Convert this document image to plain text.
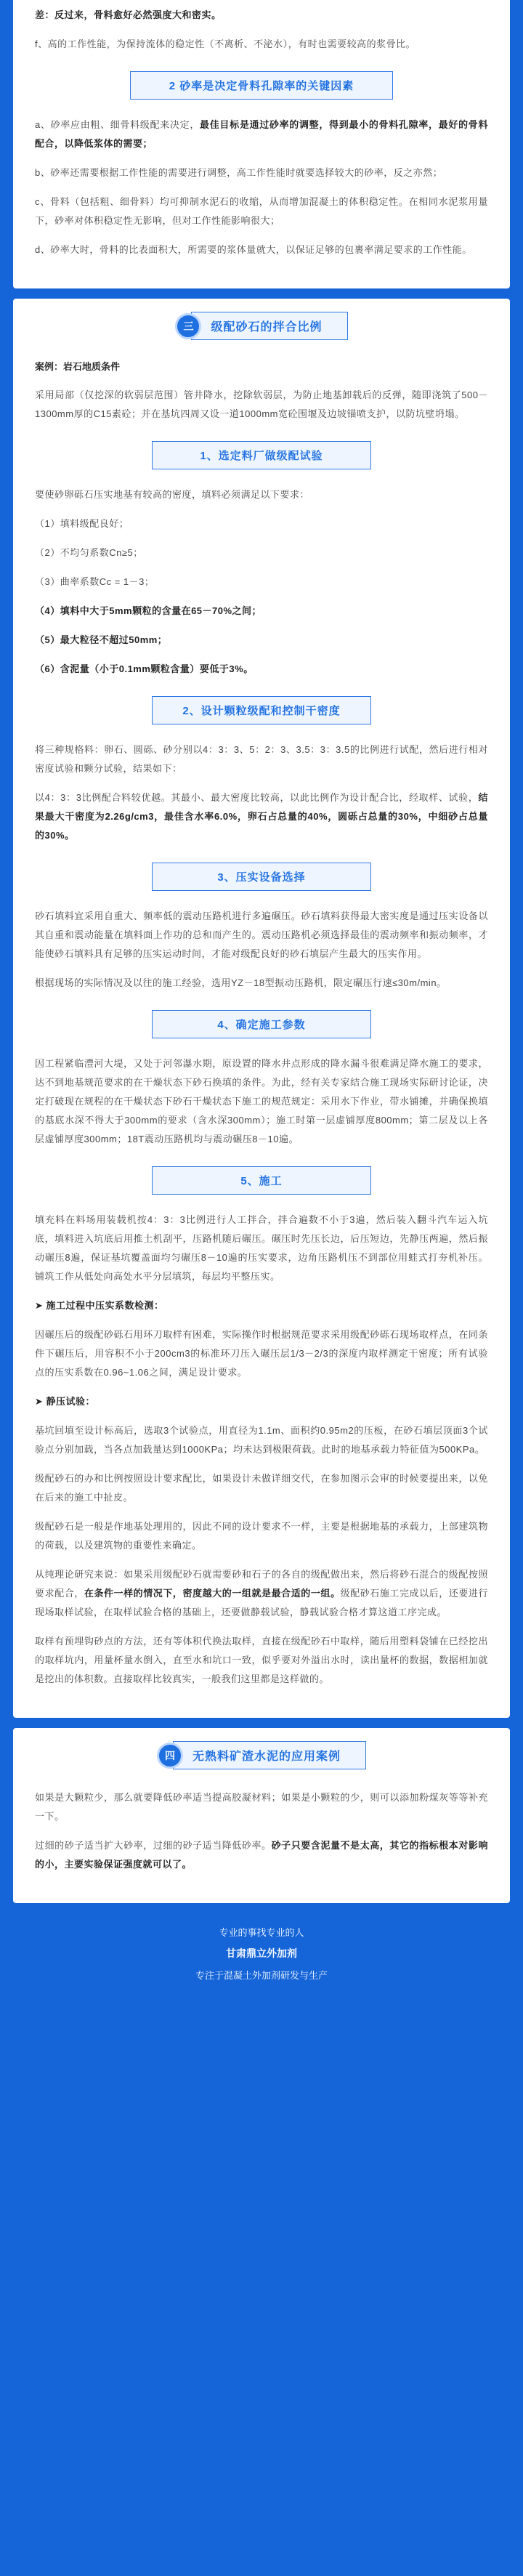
差：反过来，骨料愈好必然强度大和密实。

f、高的工作性能，为保持流体的稳定性（不离析、不泌水），有时也需要较高的浆骨比。

2 砂率是决定骨料孔隙率的关键因素

a、砂率应由粗、细骨料级配来决定，最佳目标是通过砂率的调整，得到最小的骨料孔隙率，最好的骨料配合，以降低浆体的需要；

b、砂率还需要根据工作性能的需要进行调整，高工作性能时就要选择较大的砂率，反之亦然；

c、骨料（包括粗、细骨料）均可抑制水泥石的收缩，从而增加混凝土的体积稳定性。在相同水泥浆用量下，砂率对体积稳定性无影响，但对工作性能影响很大；

d、砂率大时，骨料的比表面积大，所需要的浆体量就大，以保证足够的包裹率满足要求的工作性能。

三	级配砂石的拌合比例
案例：岩石地质条件

采用局部（仅挖深的软弱层范围）管井降水，挖除软弱层，为防止地基卸载后的反弹，随即浇筑了500－1300mm厚的C15素砼；并在基坑四周又设一道1000mm宽砼围堰及边坡锚喷支护，以防坑壁坍塌。

1、选定料厂做级配试验

要使砂卵砾石压实地基有较高的密度，填料必须满足以下要求：

（1）填料级配良好；

（2）不均匀系数Cn≥5；

（3）曲率系数Cc = 1－3；

（4）填料中大于5mm颗粒的含量在65－70%之间；

（5）最大粒径不超过50mm；

（6）含泥量（小于0.1mm颗粒含量）要低于3%。

2、设计颗粒级配和控制干密度

将三种规格料：卵石、圆砾、砂分别以4：3：3、5：2：3、3.5：3：3.5的比例进行试配，然后进行相对密度试验和颗分试验，结果如下：

以4：3：3比例配合料较优越。其最小、最大密度比较高，以此比例作为设计配合比，经取样、试验，结果最大干密度为2.26g/cm3，最佳含水率6.0%，卵石占总量的40%，圆砾占总量的30%，中细砂占总量的30%。

3、压实设备选择

砂石填料宜采用自重大、频率低的震动压路机进行多遍碾压。砂石填料获得最大密实度是通过压实设备以其自重和震动能量在填料面上作功的总和而产生的。震动压路机必须选择最佳的震动频率和振动频率，才能使砂石填料具有足够的压实运动时间，才能对级配良好的砂石填层产生最大的压实作用。

根据现场的实际情况及以往的施工经验，选用YZ－18型振动压路机，限定碾压行速≤30m/min。

4、确定施工参数

因工程紧临澧河大堤，又处于河邻瀑水期，原设置的降水井点形成的降水漏斗很难满足降水施工的要求，达不到地基规范要求的在干燥状态下砂石换填的条件。为此，经有关专家结合施工现场实际研讨论证，决定打破现在规程的在干燥状态下砂石干燥状态下施工的规范规定：采用水下作业，带水铺摊，并确保换填的基底水深不得大于300mm的要求（含水深300mm）；施工时第一层虚铺厚度800mm；第二层及以上各层虚铺厚度300mm；18T震动压路机均与震动碾压8－10遍。

5、施工

填充料在料场用装载机按4：3：3比例进行人工拌合，拌合遍数不小于3遍，然后装入翻斗汽车运入坑底，填料进入坑底后用推土机刮平，压路机随后碾压。碾压时先压长边，后压短边，先静压两遍，然后振动碾压8遍，保证基坑覆盖面均匀碾压8－10遍的压实要求，边角压路机压不到部位用蛙式打夯机补压。铺筑工作从低处向高处水平分层填筑，每层均平整压实。

➤ 施工过程中压实系数检测：

因碾压后的级配砂砾石用环刀取样有困难，实际操作时根据规范要求采用级配砂砾石现场取样点，在同条件下碾压后，用容积不小于200cm3的标准环刀压入碾压层1/3－2/3的深度内取样测定干密度；所有试验点的压实系数在0.96~1.06之间，满足设计要求。

➤ 静压试验：

基坑回填至设计标高后，选取3个试验点，用直径为1.1m、面积约0.95m2的压板，在砂石填层顶面3个试验点分别加载，当各点加载量达到1000KPa；均未达到极限荷载。此时的地基承载力特征值为500KPa。

级配砂石的办和比例按照设计要求配比，如果设计未做详细交代，在参加图示会审的时候要提出来，以免在后来的施工中扯皮。

级配砂石是一般是作地基处理用的，因此不同的设计要求不一样，主要是根据地基的承载力，上部建筑物的荷载，以及建筑物的重要性来确定。

从纯理论研究来说：如果采用级配砂石就需要砂和石子的各自的级配做出来，然后将砂石混合的级配按照要求配合，在条件一样的情况下，密度越大的一组就是最合适的一组。级配砂石施工完成以后，还要进行现场取样试验，在取样试验合格的基础上，还要做静载试验，静载试验合格才算这道工序完成。

取样有预埋钩砂点的方法，还有等体积代换法取样，直接在级配砂石中取样，随后用塑料袋铺在已经挖出的取样坑内，用量杯量水倒入，直至水和坑口一致，似乎要对外溢出水时，读出量杯的数据，数据相加就是挖出的体积数。直接取样比较真实，一般我们这里都是这样做的。

四	无熟料矿渣水泥的应用案例

如果是大颗粒少，那么就要降低砂率适当提高胶凝材料；如果是小颗粒的少，则可以添加粉煤灰等等补充一下。

过细的砂子适当扩大砂率，过细的砂子适当降低砂率。砂子只要含泥量不是太高，其它的指标根本对影响的小，主要实验保证强度就可以了。

专业的事找专业的人
甘肃鼎立外加剂
专注于混凝土外加剂研发与生产
